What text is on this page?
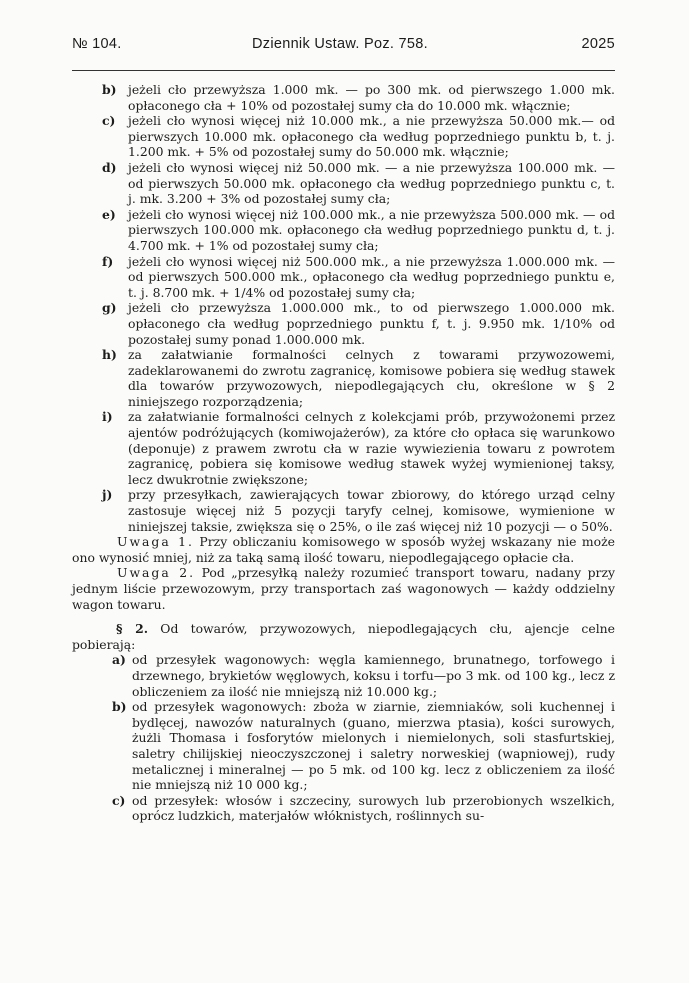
№ 104.	Dziennik Ustaw. Poz. 758.	2025
b) jeżeli cło przewyższa 1.000 mk. — po 300 mk. od pierwszego 1.000 mk. opłaconego cła + 10% od pozostałej sumy cła do 10.000 mk. włącznie;
c)	jeżeli cło wynosi więcej niż 10.000 mk., a nie przewyższa 50.000 mk.— od pierwszych 10.000 mk. opłaconego cła według poprzedniego punktu b, t. j. 1.200 mk. + 5% od pozostałej sumy do 50.000 mk. włącznie;
d) jeżeli cło wynosi więcej niż 50.000 mk. — a nie przewyższa 100.000 mk. — od pierwszych 50.000 mk. opłaconego cła według poprzedniego punktu c, t. j. mk. 3.200 + 3% od pozostałej sumy cła;
e) jeżeli cło wynosi więcej niż 100.000 mk., a nie przewyższa 500.000 mk. — od pierwszych 100.000 mk. opłaconego cła według poprzedniego punktu d, t. j. 4.700 mk. + 1% od pozostałej sumy cła;
f)	jeżeli cło wynosi więcej niż 500.000 mk., a nie przewyższa 1.000.000 mk. — od pierwszych 500.000 mk., opłaconego cła według poprzedniego punktu e, t. j. 8.700 mk. + 1/4% od pozostałej sumy cła;
g) jeżeli cło przewyższa 1.000.000 mk., to od pierwszego 1.000.000 mk. opłaconego cła według poprzedniego punktu f, t. j. 9.950 mk. 1/10% od pozostałej sumy ponad 1.000.000 mk.
h) za załatwianie formalności celnych z towarami przywozowemi, zadeklarowanemi do zwrotu zagranicę, komisowe pobiera się według stawek dla towarów przywozowych, niepodlegających cłu, określone w § 2 niniejszego rozporządzenia;
i)	za załatwianie formalności celnych z kolekcjami prób, przywożonemi przez ajentów podróżujących (komiwojażerów), za które cło opłaca się warunkowo (deponuje) z prawem zwrotu cła w razie wywiezienia towaru z powrotem zagranicę, pobiera się komisowe według stawek wyżej wymienionej taksy, lecz dwukrotnie zwiększone;
j)	przy przesyłkach, zawierających towar zbiorowy, do którego urząd celny zastosuje więcej niż 5 pozycji taryfy celnej, komisowe, wymienione w niniejszej taksie, zwiększa się o 25%, o ile zaś więcej niż 10 pozycji — o 50%.
Uwaga 1. Przy obliczaniu komisowego w sposób wyżej wskazany nie może ono wynosić mniej, niż za taką samą ilość towaru, niepodlegającego opłacie cła.
Uwaga 2. Pod „przesyłką należy rozumieć transport towaru, nadany przy jednym liście przewozowym, przy transportach zaś wagonowych — każdy oddzielny wagon towaru.
§ 2. Od towarów, przywozowych, niepodlegających cłu, ajencje celne pobierają:
a) od przesyłek wagonowych: węgla kamiennego, brunatnego, torfowego i drzewnego, brykietów węglowych, koksu i torfu—po 3 mk. od 100 kg., lecz z obliczeniem za ilość nie mniejszą niż 10.000 kg.;
b) od przesyłek wagonowych: zboża w ziarnie, ziemniaków, soli kuchennej i bydlęcej, nawozów naturalnych (guano, mierzwa ptasia), kości surowych, żużli Thomasa i fosforytów mielonych i niemielonych, soli stasfurtskiej, saletry chilijskiej nieoczyszczonej i saletry norweskiej (wapniowej), rudy metalicznej i mineralnej — po 5 mk. od 100 kg. lecz z obliczeniem za ilość nie mniejszą niż 10 000 kg.;
c) od przesyłek: włosów i szczeciny, surowych lub przerobionych wszelkich, oprócz ludzkich, materjałów włóknistych, roślinnych su-
